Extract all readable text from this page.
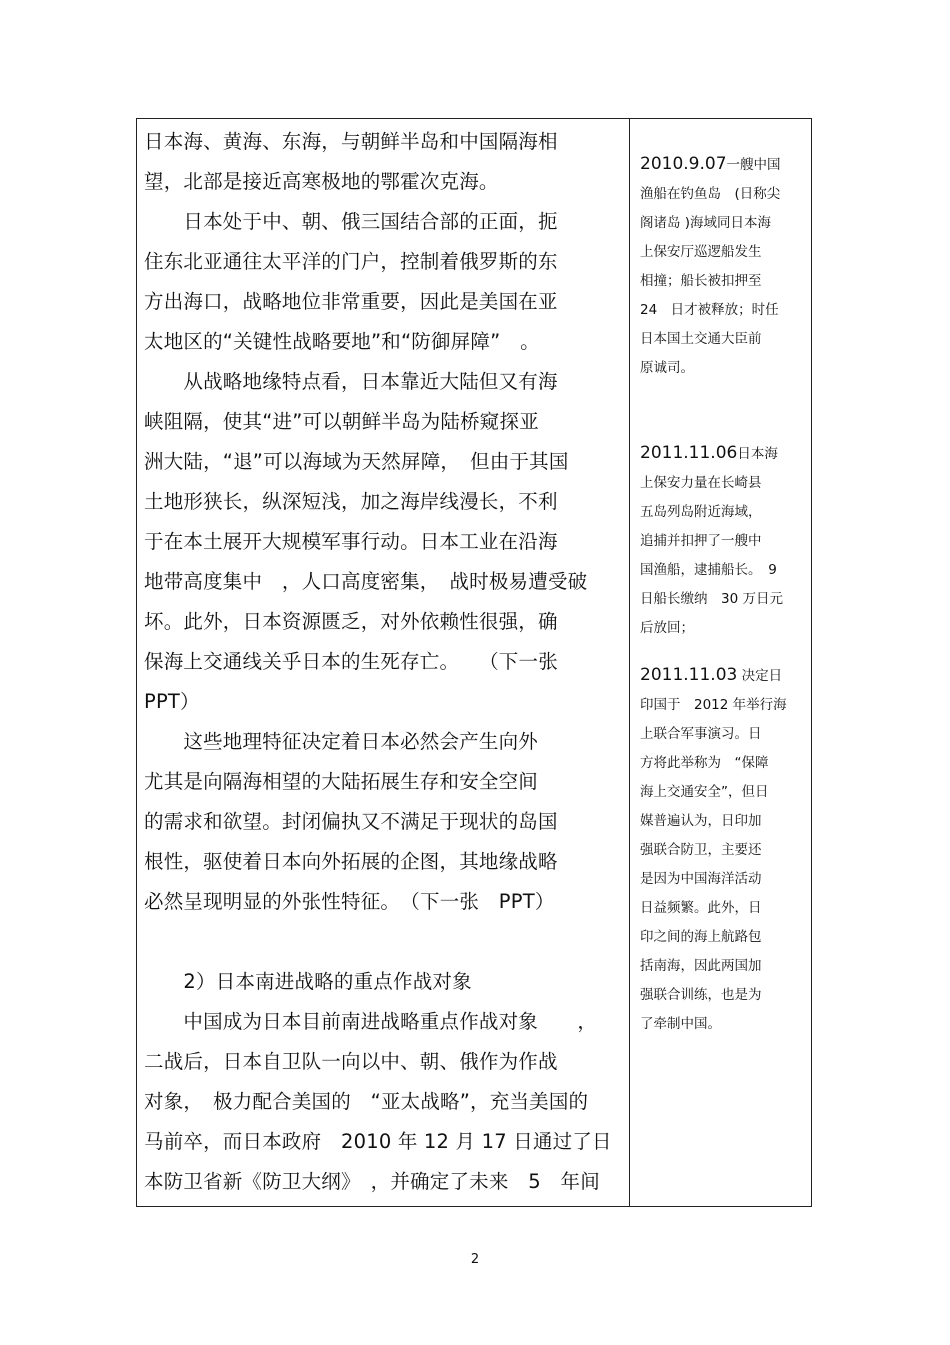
日本海、黄海、东海，与朝鲜半岛和中国隔海相

望，北部是接近高寒极地的鄂霍次克海。

　　日本处于中、朝、俄三国结合部的正面，扼

住东北亚通往太平洋的门户，控制着俄罗斯的东

方出海口，战略地位非常重要，因此是美国在亚

太地区的“关键性战略要地”和“防御屏障”　。

　　从战略地缘特点看，日本靠近大陆但又有海

峡阻隔，使其“进”可以朝鲜半岛为陆桥窥探亚

洲大陆，“退”可以海域为天然屏障，　但由于其国

土地形狭长，纵深短浅，加之海岸线漫长，不利

于在本土展开大规模军事行动。日本工业在沿海

地带高度集中　，人口高度密集，　战时极易遭受破

坏。此外，日本资源匮乏，对外依赖性很强，确

保海上交通线关乎日本的生死存亡。　　（下一张

PPT）

　　这些地理特征决定着日本必然会产生向外

尤其是向隔海相望的大陆拓展生存和安全空间

的需求和欲望。封闭偏执又不满足于现状的岛国

根性，驱使着日本向外拓展的企图，其地缘战略

必然呈现明显的外张性特征。　（下一张　PPT）

　　2）日本南进战略的重点作战对象

　　中国成为日本目前南进战略重点作战对象　　，

二战后，日本自卫队一向以中、朝、俄作为作战

对象，　极力配合美国的　“亚太战略”，充当美国的

马前卒，而日本政府　2010 年 12 月 17 日通过了日

本防卫省新《防卫大纲》　，并确定了未来　5　年间

2010.9.07一艘中国

渔船在钓鱼岛　(日称尖

阁诸岛 )海域同日本海

上保安厅巡逻船发生

相撞；船长被扣押至

24　日才被释放；时任

日本国土交通大臣前

原诚司。

2011.11.06日本海

上保安力量在长崎县

五岛列岛附近海域，

追捕并扣押了一艘中

国渔船，逮捕船长。　9

日船长缴纳　30 万日元

后放回；

2011.11.03 决定日

印国于　2012 年举行海

上联合军事演习。日

方将此举称为　“保障

海上交通安全”，但日

媒普遍认为，日印加

强联合防卫，主要还

是因为中国海洋活动

日益频繁。此外，日

印之间的海上航路包

括南海，因此两国加

强联合训练，也是为

了牵制中国。

2
